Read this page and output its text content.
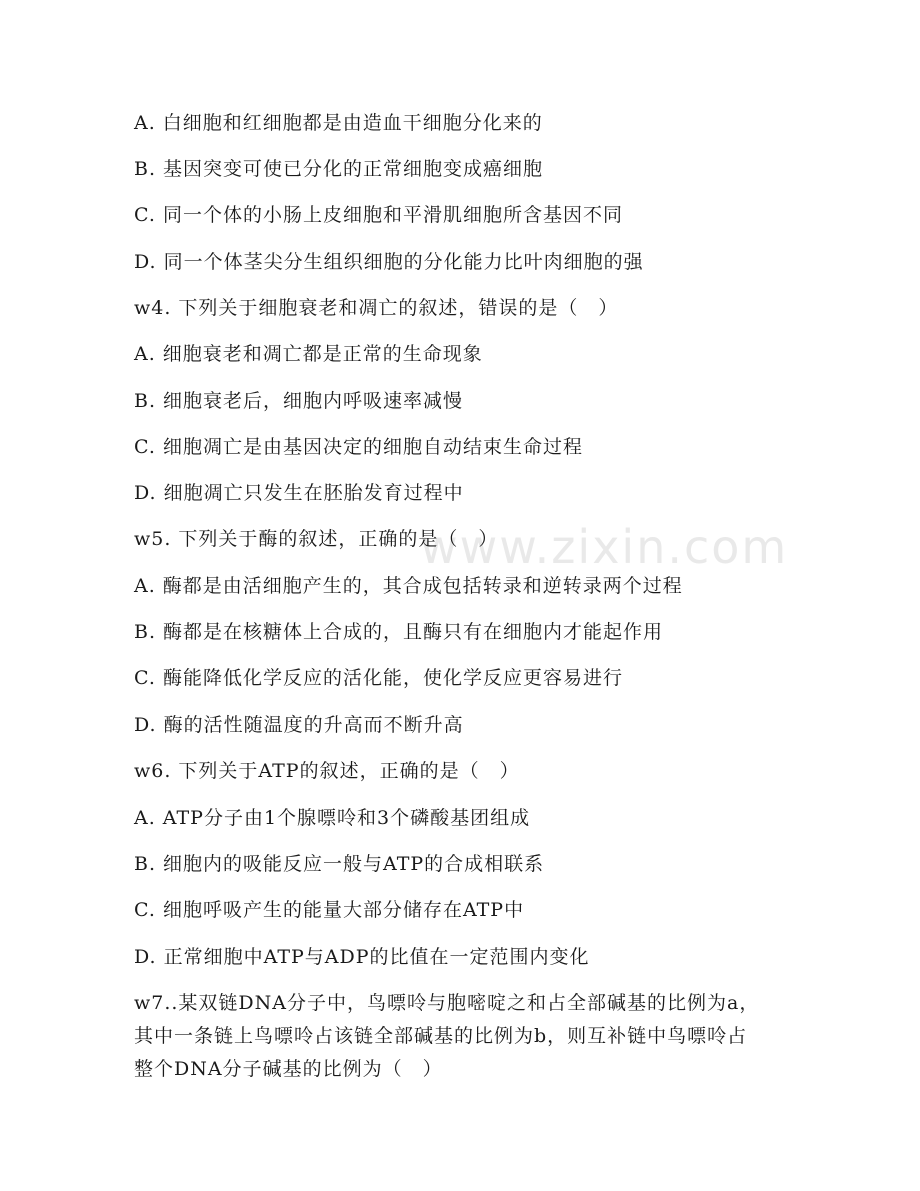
www.zixin.com
A. 白细胞和红细胞都是由造血干细胞分化来的
B. 基因突变可使已分化的正常细胞变成癌细胞
C. 同一个体的小肠上皮细胞和平滑肌细胞所含基因不同
D. 同一个体茎尖分生组织细胞的分化能力比叶肉细胞的强
w4. 下列关于细胞衰老和凋亡的叙述，错误的是（　）
A. 细胞衰老和凋亡都是正常的生命现象
B. 细胞衰老后，细胞内呼吸速率减慢
C. 细胞凋亡是由基因决定的细胞自动结束生命过程
D. 细胞凋亡只发生在胚胎发育过程中
w5. 下列关于酶的叙述，正确的是（　）
A. 酶都是由活细胞产生的，其合成包括转录和逆转录两个过程
B. 酶都是在核糖体上合成的，且酶只有在细胞内才能起作用
C. 酶能降低化学反应的活化能，使化学反应更容易进行
D. 酶的活性随温度的升高而不断升高
w6. 下列关于ATP的叙述，正确的是（　）
A. ATP分子由1个腺嘌呤和3个磷酸基团组成
B. 细胞内的吸能反应一般与ATP的合成相联系
C. 细胞呼吸产生的能量大部分储存在ATP中
D. 正常细胞中ATP与ADP的比值在一定范围内变化
w7..某双链DNA分子中，鸟嘌呤与胞嘧啶之和占全部碱基的比例为a，
其中一条链上鸟嘌呤占该链全部碱基的比例为b，则互补链中鸟嘌呤占
整个DNA分子碱基的比例为（　）
